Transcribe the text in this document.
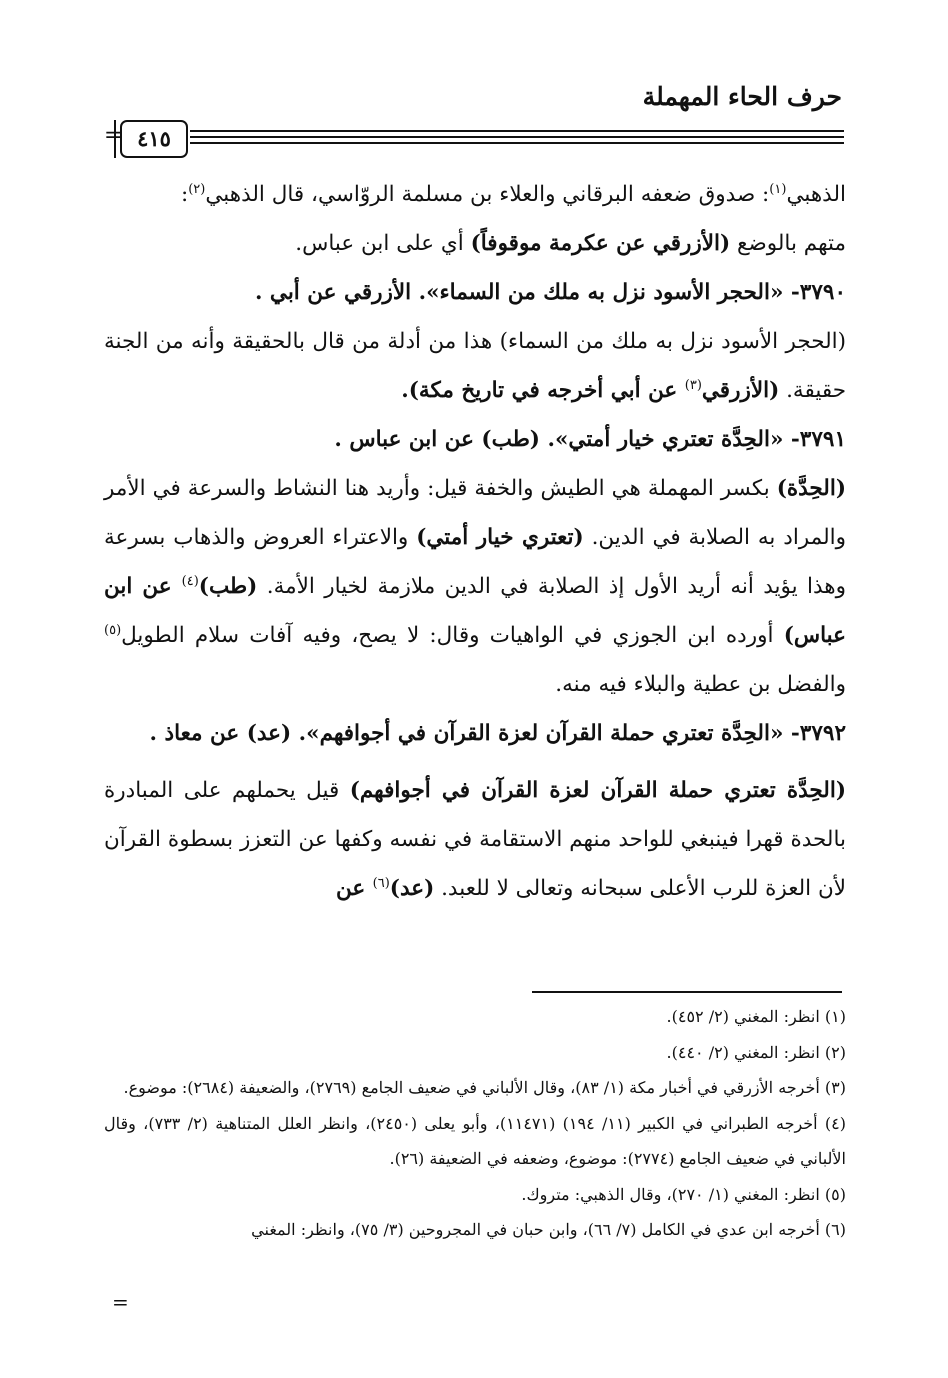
حرف الحاء المهملة
٤١٥
=

الذهبي$^{(١)}$: صدوق ضعفه البرقاني والعلاء بن مسلمة الروّاسي، قال الذهبي$^{(٢)}$:
متهم بالوضع (الأزرقي عن عكرمة موقوفاً) أي على ابن عباس.

٣٧٩٠- «الحجر الأسود نزل به ملك من السماء». الأزرقي عن أبي .

(الحجر الأسود نزل به ملك من السماء) هذا من أدلة من قال بالحقيقة وأنه من الجنة حقيقة. (الأزرقي$^{(٣)}$ عن أبي أخرجه في تاريخ مكة).

٣٧٩١- «الحِدَّة تعتري خيار أمتي». (طب) عن ابن عباس .

(الحِدَّة) بكسر المهملة هي الطيش والخفة قيل: وأريد هنا النشاط والسرعة في الأمر والمراد به الصلابة في الدين. (تعتري خيار أمتي) والاعتراء العروض والذهاب بسرعة وهذا يؤيد أنه أريد الأول إذ الصلابة في الدين ملازمة لخيار الأمة. (طب)$^{(٤)}$ عن ابن عباس) أورده ابن الجوزي في الواهيات وقال: لا يصح، وفيه آفات سلام الطويل$^{(٥)}$ والفضل بن عطية والبلاء فيه منه.

٣٧٩٢- «الحِدَّة تعتري حملة القرآن لعزة القرآن في أجوافهم». (عد) عن معاذ .

(الحِدَّة تعتري حملة القرآن لعزة القرآن في أجوافهم) قيل يحملهم على المبادرة بالحدة قهرا فينبغي للواحد منهم الاستقامة في نفسه وكفها عن التعزز بسطوة القرآن لأن العزة للرب الأعلى سبحانه وتعالى لا للعبد. (عد)$^{(٦)}$ عن

(١) انظر: المغني (٢/ ٤٥٢).

(٢) انظر: المغني (٢/ ٤٤٠).

(٣) أخرجه الأزرقي في أخبار مكة (١/ ٨٣)، وقال الألباني في ضعيف الجامع (٢٧٦٩)، والضعيفة (٢٦٨٤): موضوع.

(٤) أخرجه الطبراني في الكبير (١١/ ١٩٤) (١١٤٧١)، وأبو يعلى (٢٤٥٠)، وانظر العلل المتناهية (٢/ ٧٣٣)، وقال الألباني في ضعيف الجامع (٢٧٧٤): موضوع، وضعفه في الضعيفة (٢٦).

(٥) انظر: المغني (١/ ٢٧٠)، وقال الذهبي: متروك.

(٦) أخرجه ابن عدي في الكامل (٧/ ٦٦)، وابن حبان في المجروحين (٣/ ٧٥)، وانظر: المغني

=
